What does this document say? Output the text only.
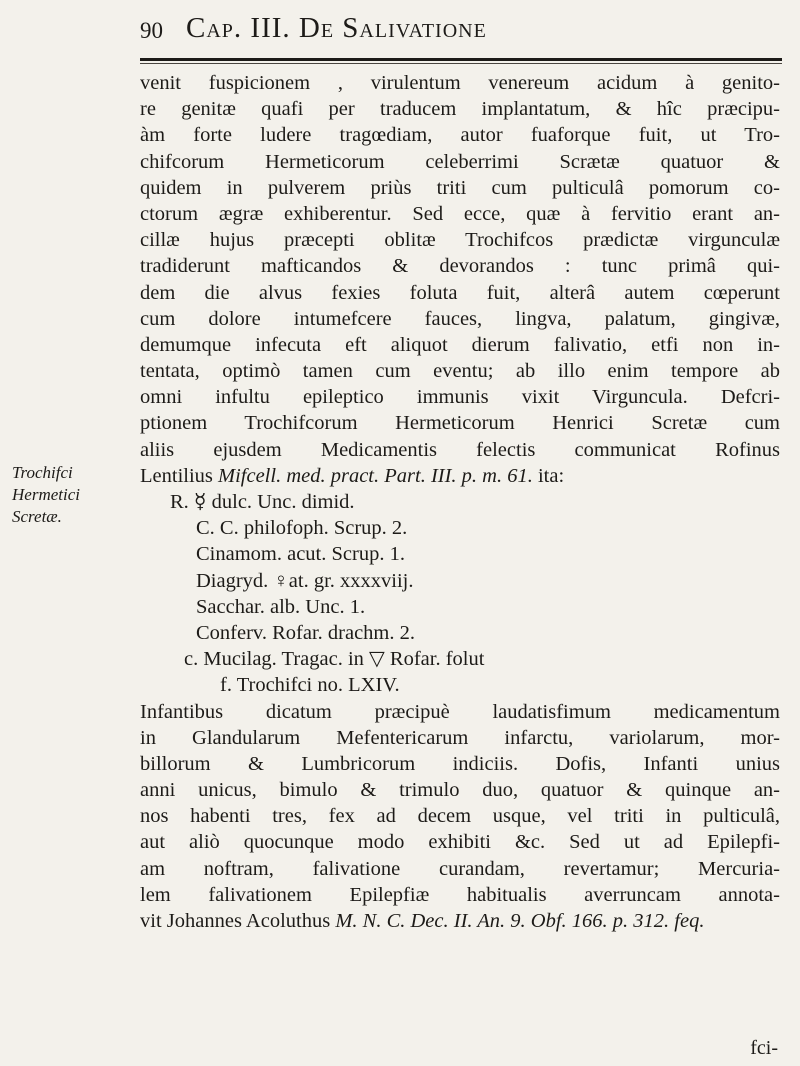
90 Cap. III. De Salivatione
Trochifci
Hermetici
Scretæ.
venit fuspicionem , virulentum venereum acidum à genito-
re genitæ quafi per traducem implantatum, & hîc præcipu-
àm forte ludere tragœdiam, autor fuaforque fuit, ut Tro-
chifcorum Hermeticorum celeberrimi Scrætæ quatuor &
quidem in pulverem priùs triti cum pulticulâ pomorum co-
ctorum ægræ exhiberentur. Sed ecce, quæ à fervitio erant an-
cillæ hujus præcepti oblitæ Trochifcos prædictæ virgunculæ
tradiderunt mafticandos & devorandos : tunc primâ qui-
dem die alvus fexies foluta fuit, alterâ autem cœperunt
cum dolore intumefcere fauces, lingva, palatum, gingivæ,
demumque infecuta eft aliquot dierum falivatio, etfi non in-
tentata, optimò tamen cum eventu; ab illo enim tempore ab
omni infultu epileptico immunis vixit Virguncula. Defcri-
ptionem Trochifcorum Hermeticorum Henrici Scretæ cum
aliis ejusdem Medicamentis felectis communicat Rofinus
Lentilius Mifcell. med. pract. Part. III. p. m. 61. ita:
R. ☿ dulc. Unc. dimid.
C. C. philofoph. Scrup. 2.
Cinamom. acut. Scrup. 1.
Diagryd. ♀at. gr. xxxxviij.
Sacchar. alb. Unc. 1.
Conferv. Rofar. drachm. 2.
c. Mucilag. Tragac. in ▽ Rofar. folut
f. Trochifci no. LXIV.
Infantibus dicatum præcipuè laudatisfimum medicamentum
in Glandularum Mefentericarum infarctu, variolarum, mor-
billorum & Lumbricorum indiciis. Dofis, Infanti unius
anni unicus, bimulo & trimulo duo, quatuor & quinque an-
nos habenti tres, fex ad decem usque, vel triti in pulticulâ,
aut aliò quocunque modo exhibiti &c. Sed ut ad Epilepfi-
am noftram, falivatione curandam, revertamur; Mercuria-
lem falivationem Epilepfiæ habitualis averruncam annota-
vit Johannes Acoluthus M. N. C. Dec. II. An. 9. Obf. 166. p. 312. feq.
fci-
